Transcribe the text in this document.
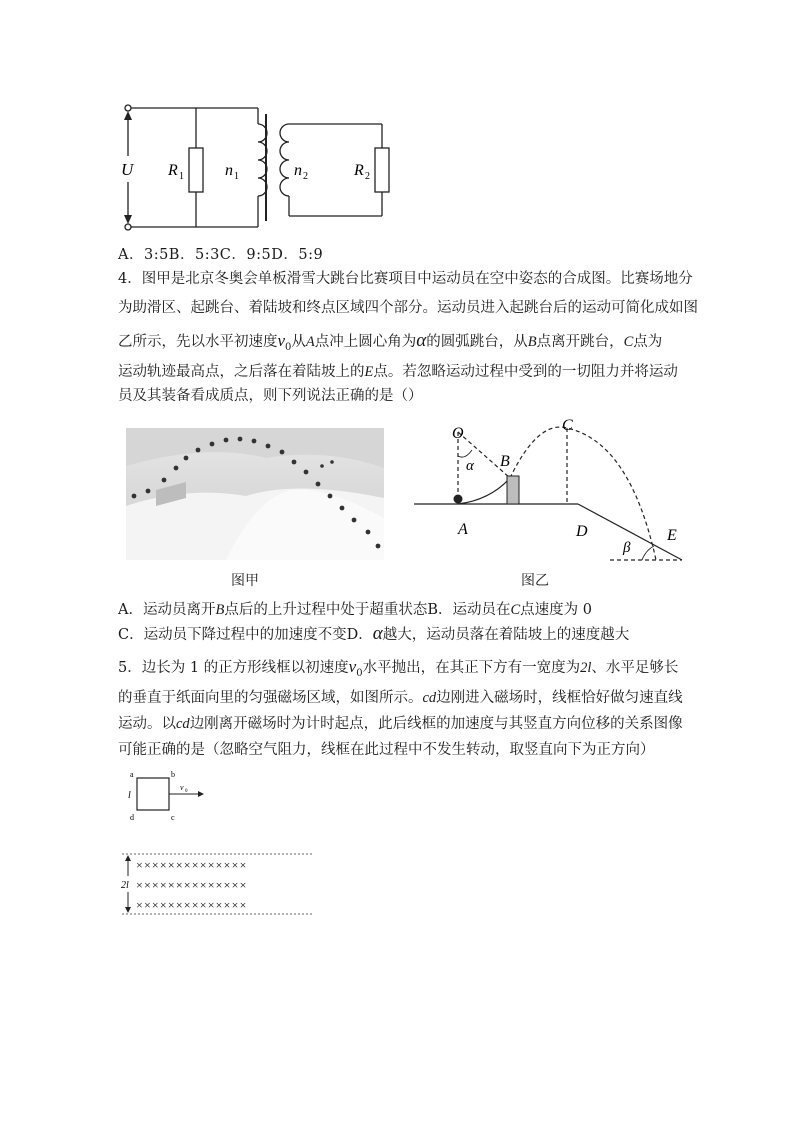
U R 1	n 1	n 2	R 2
A．3:5B．5:3C．9:5D．5:9
4．图甲是北京冬奥会单板滑雪大跳台比赛项目中运动员在空中姿态的合成图。比赛场地分
为助滑区、起跳台、着陆坡和终点区域四个部分。运动员进入起跳台后的运动可简化成如图
乙所示，先以水平初速度$v_0$从A点冲上圆心角为α的圆弧跳台，从B点离开跳台，C点为
运动轨迹最高点，之后落在着陆坡上的E点。若忽略运动过程中受到的一切阻力并将运动
员及其装备看成质点，则下列说法正确的是（）
图甲
O
α B
C
A	D
β
E
图乙
A．运动员离开B点后的上升过程中处于超重状态B．运动员在C点速度为 0
C．运动员下降过程中的加速度不变D．α越大，运动员落在着陆坡上的速度越大
5．边长为 1 的正方形线框以初速度$v_0$水平抛出，在其正下方有一宽度为2l、水平足够长
的垂直于纸面向里的匀强磁场区域，如图所示。cd边刚进入磁场时，线框恰好做匀速直线
运动。以cd边刚离开磁场时为计时起点，此后线框的加速度与其竖直方向位移的关系图像
可能正确的是（忽略空气阻力，线框在此过程中不发生转动，取竖直向下为正方向）
a	b
d	c
l
v 0
2l
××××××××××××××
××××××××××××××
××××××××××××××
